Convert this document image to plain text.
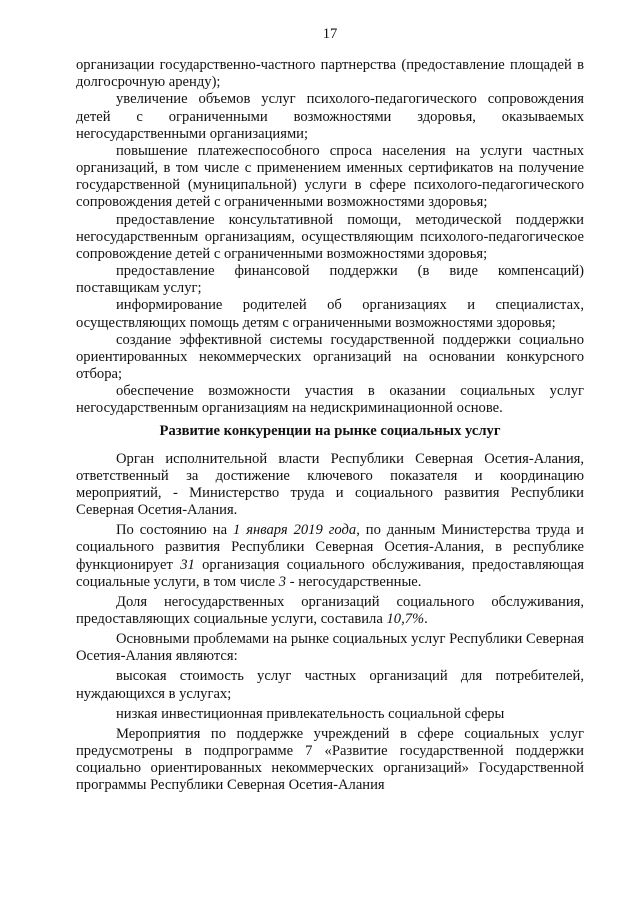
17

организации государственно-частного партнерства (предоставление площадей в долгосрочную аренду);

увеличение объемов услуг психолого-педагогического сопровождения детей с ограниченными возможностями здоровья, оказываемых негосударственными организациями;

повышение платежеспособного спроса населения на услуги частных организаций, в том числе с применением именных сертификатов на получение государственной (муниципальной) услуги в сфере психолого-педагогического сопровождения детей с ограниченными возможностями здоровья;

предоставление консультативной помощи, методической поддержки негосударственным организациям, осуществляющим психолого-педагогическое сопровождение детей с ограниченными возможностями здоровья;

предоставление финансовой поддержки (в виде компенсаций) поставщикам услуг;

информирование родителей об организациях и специалистах, осуществляющих помощь детям с ограниченными возможностями здоровья;

создание эффективной системы государственной поддержки социально ориентированных некоммерческих организаций на основании конкурсного отбора;

обеспечение возможности участия в оказании социальных услуг негосударственным организациям на недискриминационной основе.

Развитие конкуренции на рынке социальных услуг

Орган исполнительной власти Республики Северная Осетия-Алания, ответственный за достижение ключевого показателя и координацию мероприятий, - Министерство труда и социального развития Республики Северная Осетия-Алания.

По состоянию на 1 января 2019 года, по данным Министерства труда и социального развития Республики Северная Осетия-Алания, в республике функционирует 31 организация социального обслуживания, предоставляющая социальные услуги, в том числе 3 - негосударственные.

Доля негосударственных организаций социального обслуживания, предоставляющих социальные услуги, составила 10,7%.

Основными проблемами на рынке социальных услуг Республики Северная Осетия-Алания являются:

высокая стоимость услуг частных организаций для потребителей, нуждающихся в услугах;

низкая инвестиционная привлекательность социальной сферы

Мероприятия по поддержке учреждений в сфере социальных услуг предусмотрены в подпрограмме 7 «Развитие государственной поддержки социально ориентированных некоммерческих организаций» Государственной программы Республики Северная Осетия-Алания
